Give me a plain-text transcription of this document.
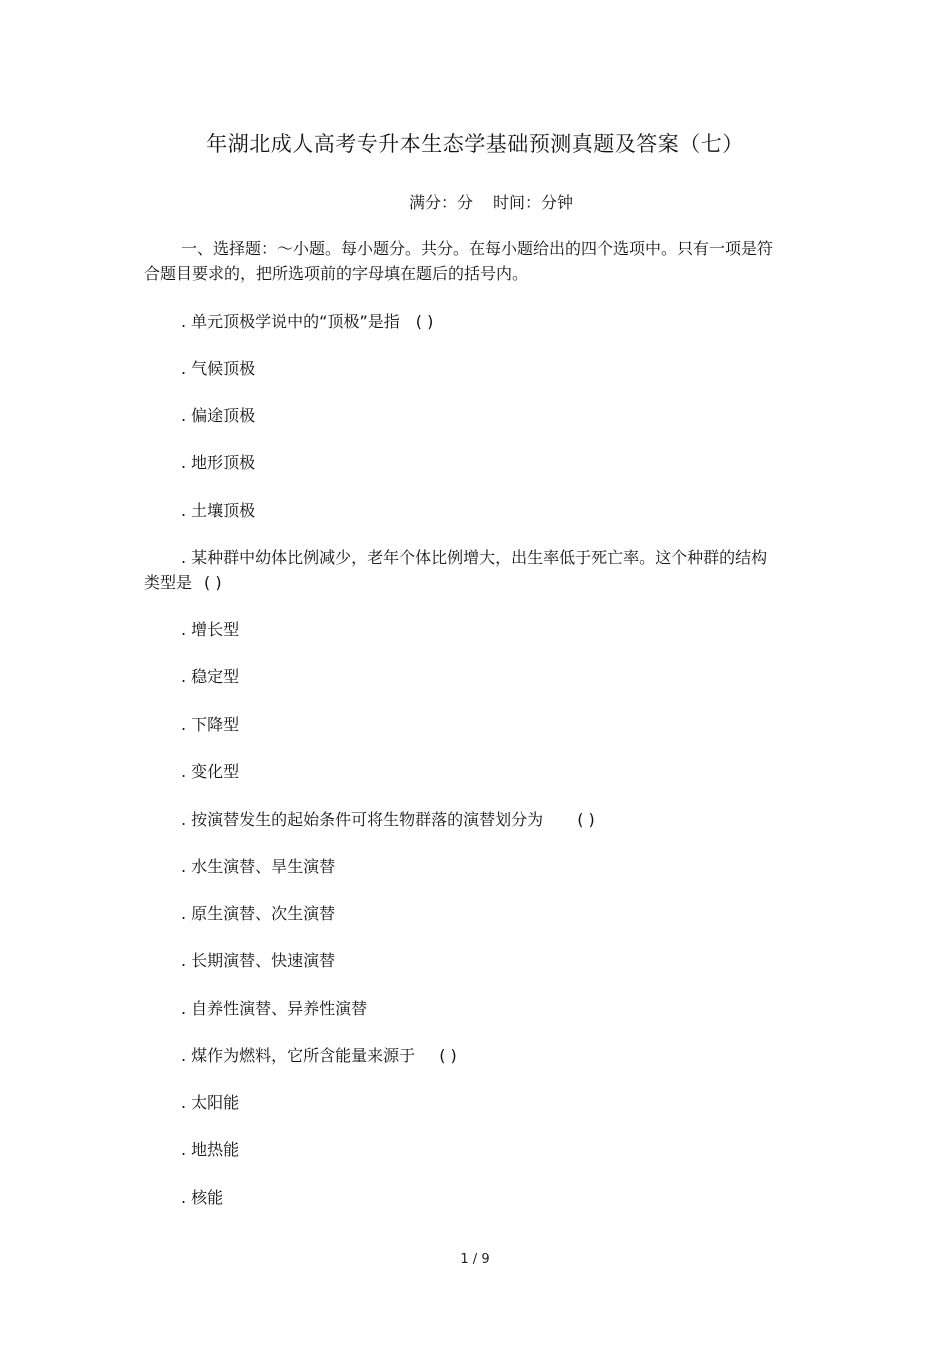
年湖北成人高考专升本生态学基础预测真题及答案（七）
满分：分 时间：分钟
一、选择题：～小题。每小题分。共分。在每小题给出的四个选项中。只有一项是符合题目要求的，把所选项前的字母填在题后的括号内。
. 单元顶极学说中的“顶极”是指 ( )
. 气候顶极
. 偏途顶极
. 地形顶极
. 土壤顶极
. 某种群中幼体比例减少，老年个体比例增大，出生率低于死亡率。这个种群的结构类型是 ( )
. 增长型
. 稳定型
. 下降型
. 变化型
. 按演替发生的起始条件可将生物群落的演替划分为 ( )
. 水生演替、旱生演替
. 原生演替、次生演替
. 长期演替、快速演替
. 自养性演替、异养性演替
. 煤作为燃料，它所含能量来源于 ( )
. 太阳能
. 地热能
. 核能
1 / 9
